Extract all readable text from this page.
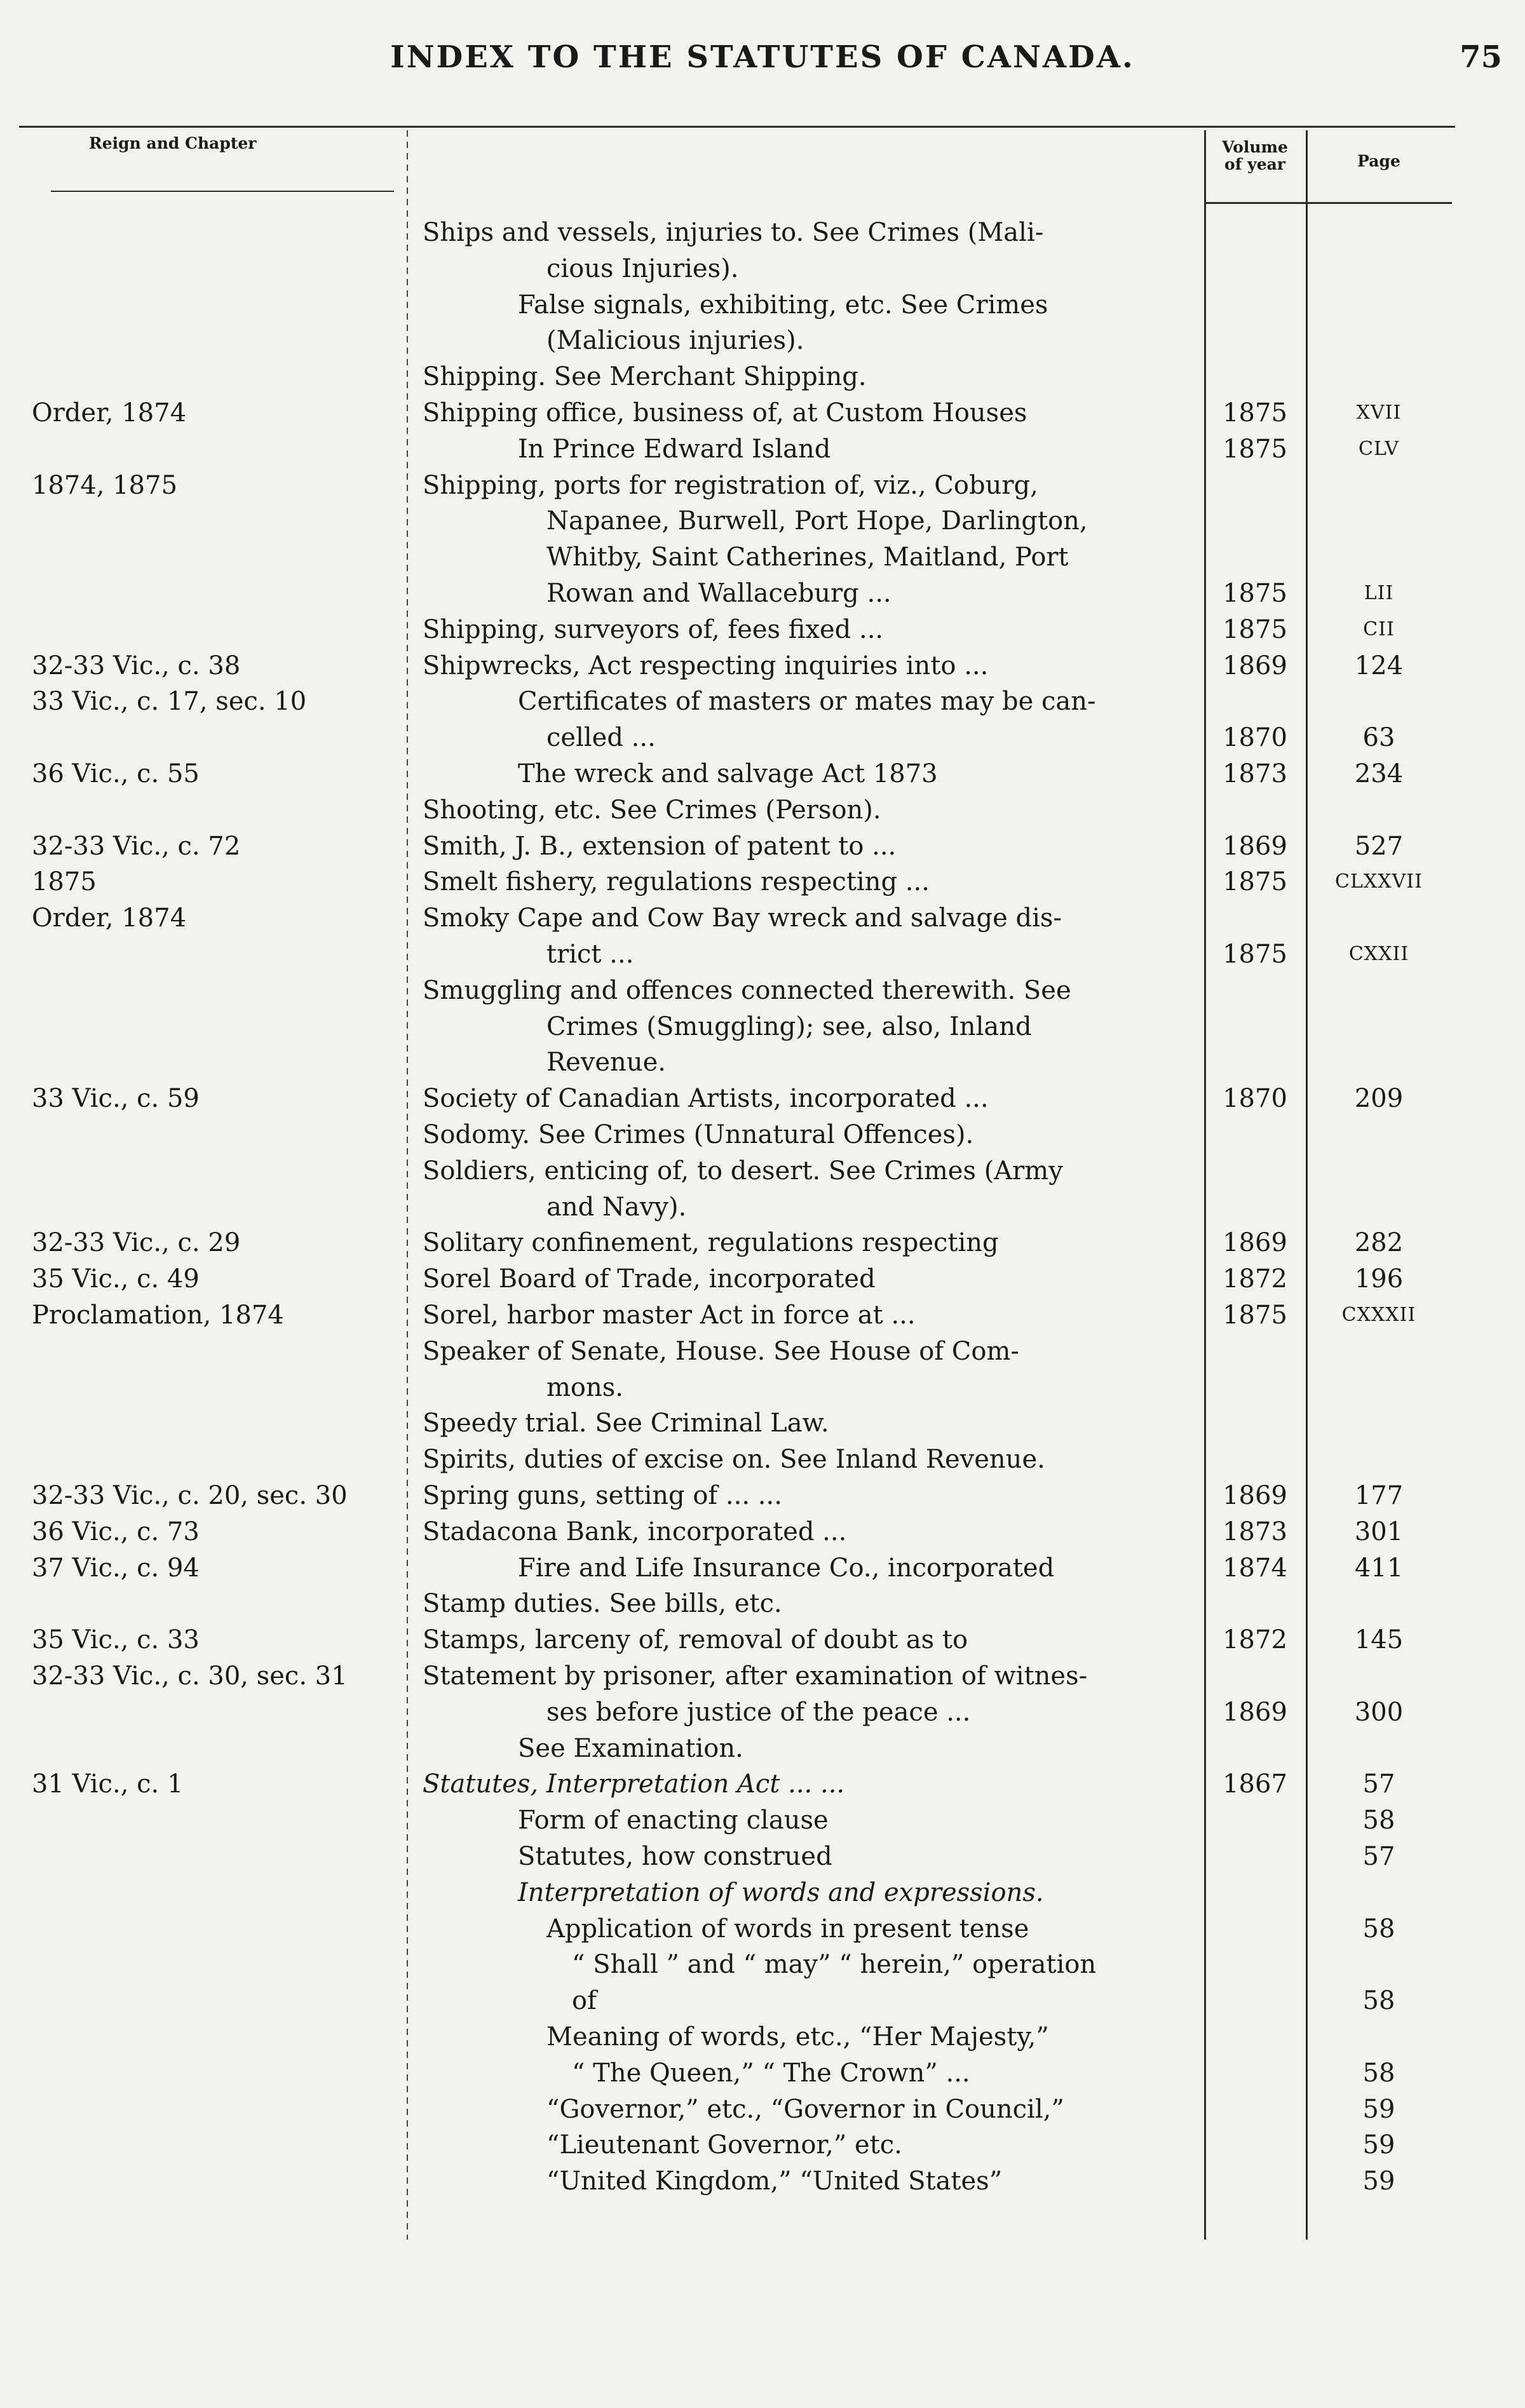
INDEX TO THE STATUTES OF CANADA.	75
Reign and Chapter	Volume
of year	Page
Ships and vessels, injuries to. See Crimes (Mali-
cious Injuries).
False signals, exhibiting, etc. See Crimes
(Malicious injuries).
Shipping. See Merchant Shipping.
Order, 1874	Shipping office, business of, at Custom Houses	1875	XVII
In Prince Edward Island	1875	CLV
1874, 1875	Shipping, ports for registration of, viz., Coburg,
Napanee, Burwell, Port Hope, Darlington,
Whitby, Saint Catherines, Maitland, Port
Rowan and Wallaceburg ...	1875	LII
Shipping, surveyors of, fees fixed ...	1875	CII
32-33 Vic., c. 38	Shipwrecks, Act respecting inquiries into ...	1869	124
33 Vic., c. 17, sec. 10	Certificates of masters or mates may be can-
celled ...	1870	63
36 Vic., c. 55	The wreck and salvage Act 1873	1873	234
Shooting, etc. See Crimes (Person).
32-33 Vic., c. 72	Smith, J. B., extension of patent to ...	1869	527
1875	Smelt fishery, regulations respecting ...	1875	CLXXVII
Order, 1874	Smoky Cape and Cow Bay wreck and salvage dis-
trict ...	1875	CXXII
Smuggling and offences connected therewith. See
Crimes (Smuggling); see, also, Inland
Revenue.
33 Vic., c. 59	Society of Canadian Artists, incorporated ...	1870	209
Sodomy. See Crimes (Unnatural Offences).
Soldiers, enticing of, to desert. See Crimes (Army
and Navy).
32-33 Vic., c. 29	Solitary confinement, regulations respecting	1869	282
35 Vic., c. 49	Sorel Board of Trade, incorporated	1872	196
Proclamation, 1874	Sorel, harbor master Act in force at ...	1875	CXXXII
Speaker of Senate, House. See House of Com-
mons.
Speedy trial. See Criminal Law.
Spirits, duties of excise on. See Inland Revenue.
32-33 Vic., c. 20, sec. 30	Spring guns, setting of ... ...	1869	177
36 Vic., c. 73	Stadacona Bank, incorporated ...	1873	301
37 Vic., c. 94	Fire and Life Insurance Co., incorporated	1874	411
Stamp duties. See bills, etc.
35 Vic., c. 33	Stamps, larceny of, removal of doubt as to	1872	145
32-33 Vic., c. 30, sec. 31	Statement by prisoner, after examination of witnes-
ses before justice of the peace ...	1869	300
See Examination.
31 Vic., c. 1	Statutes, Interpretation Act ... ...	1867	57
Form of enacting clause	58
Statutes, how construed	57
Interpretation of words and expressions.
Application of words in present tense	58
“ Shall ” and “ may” “ herein,” operation
of	58
Meaning of words, etc., “Her Majesty,”
“ The Queen,” “ The Crown” ...	58
“Governor,” etc., “Governor in Council,”	59
“Lieutenant Governor,” etc.	59
“United Kingdom,” “United States”	59
